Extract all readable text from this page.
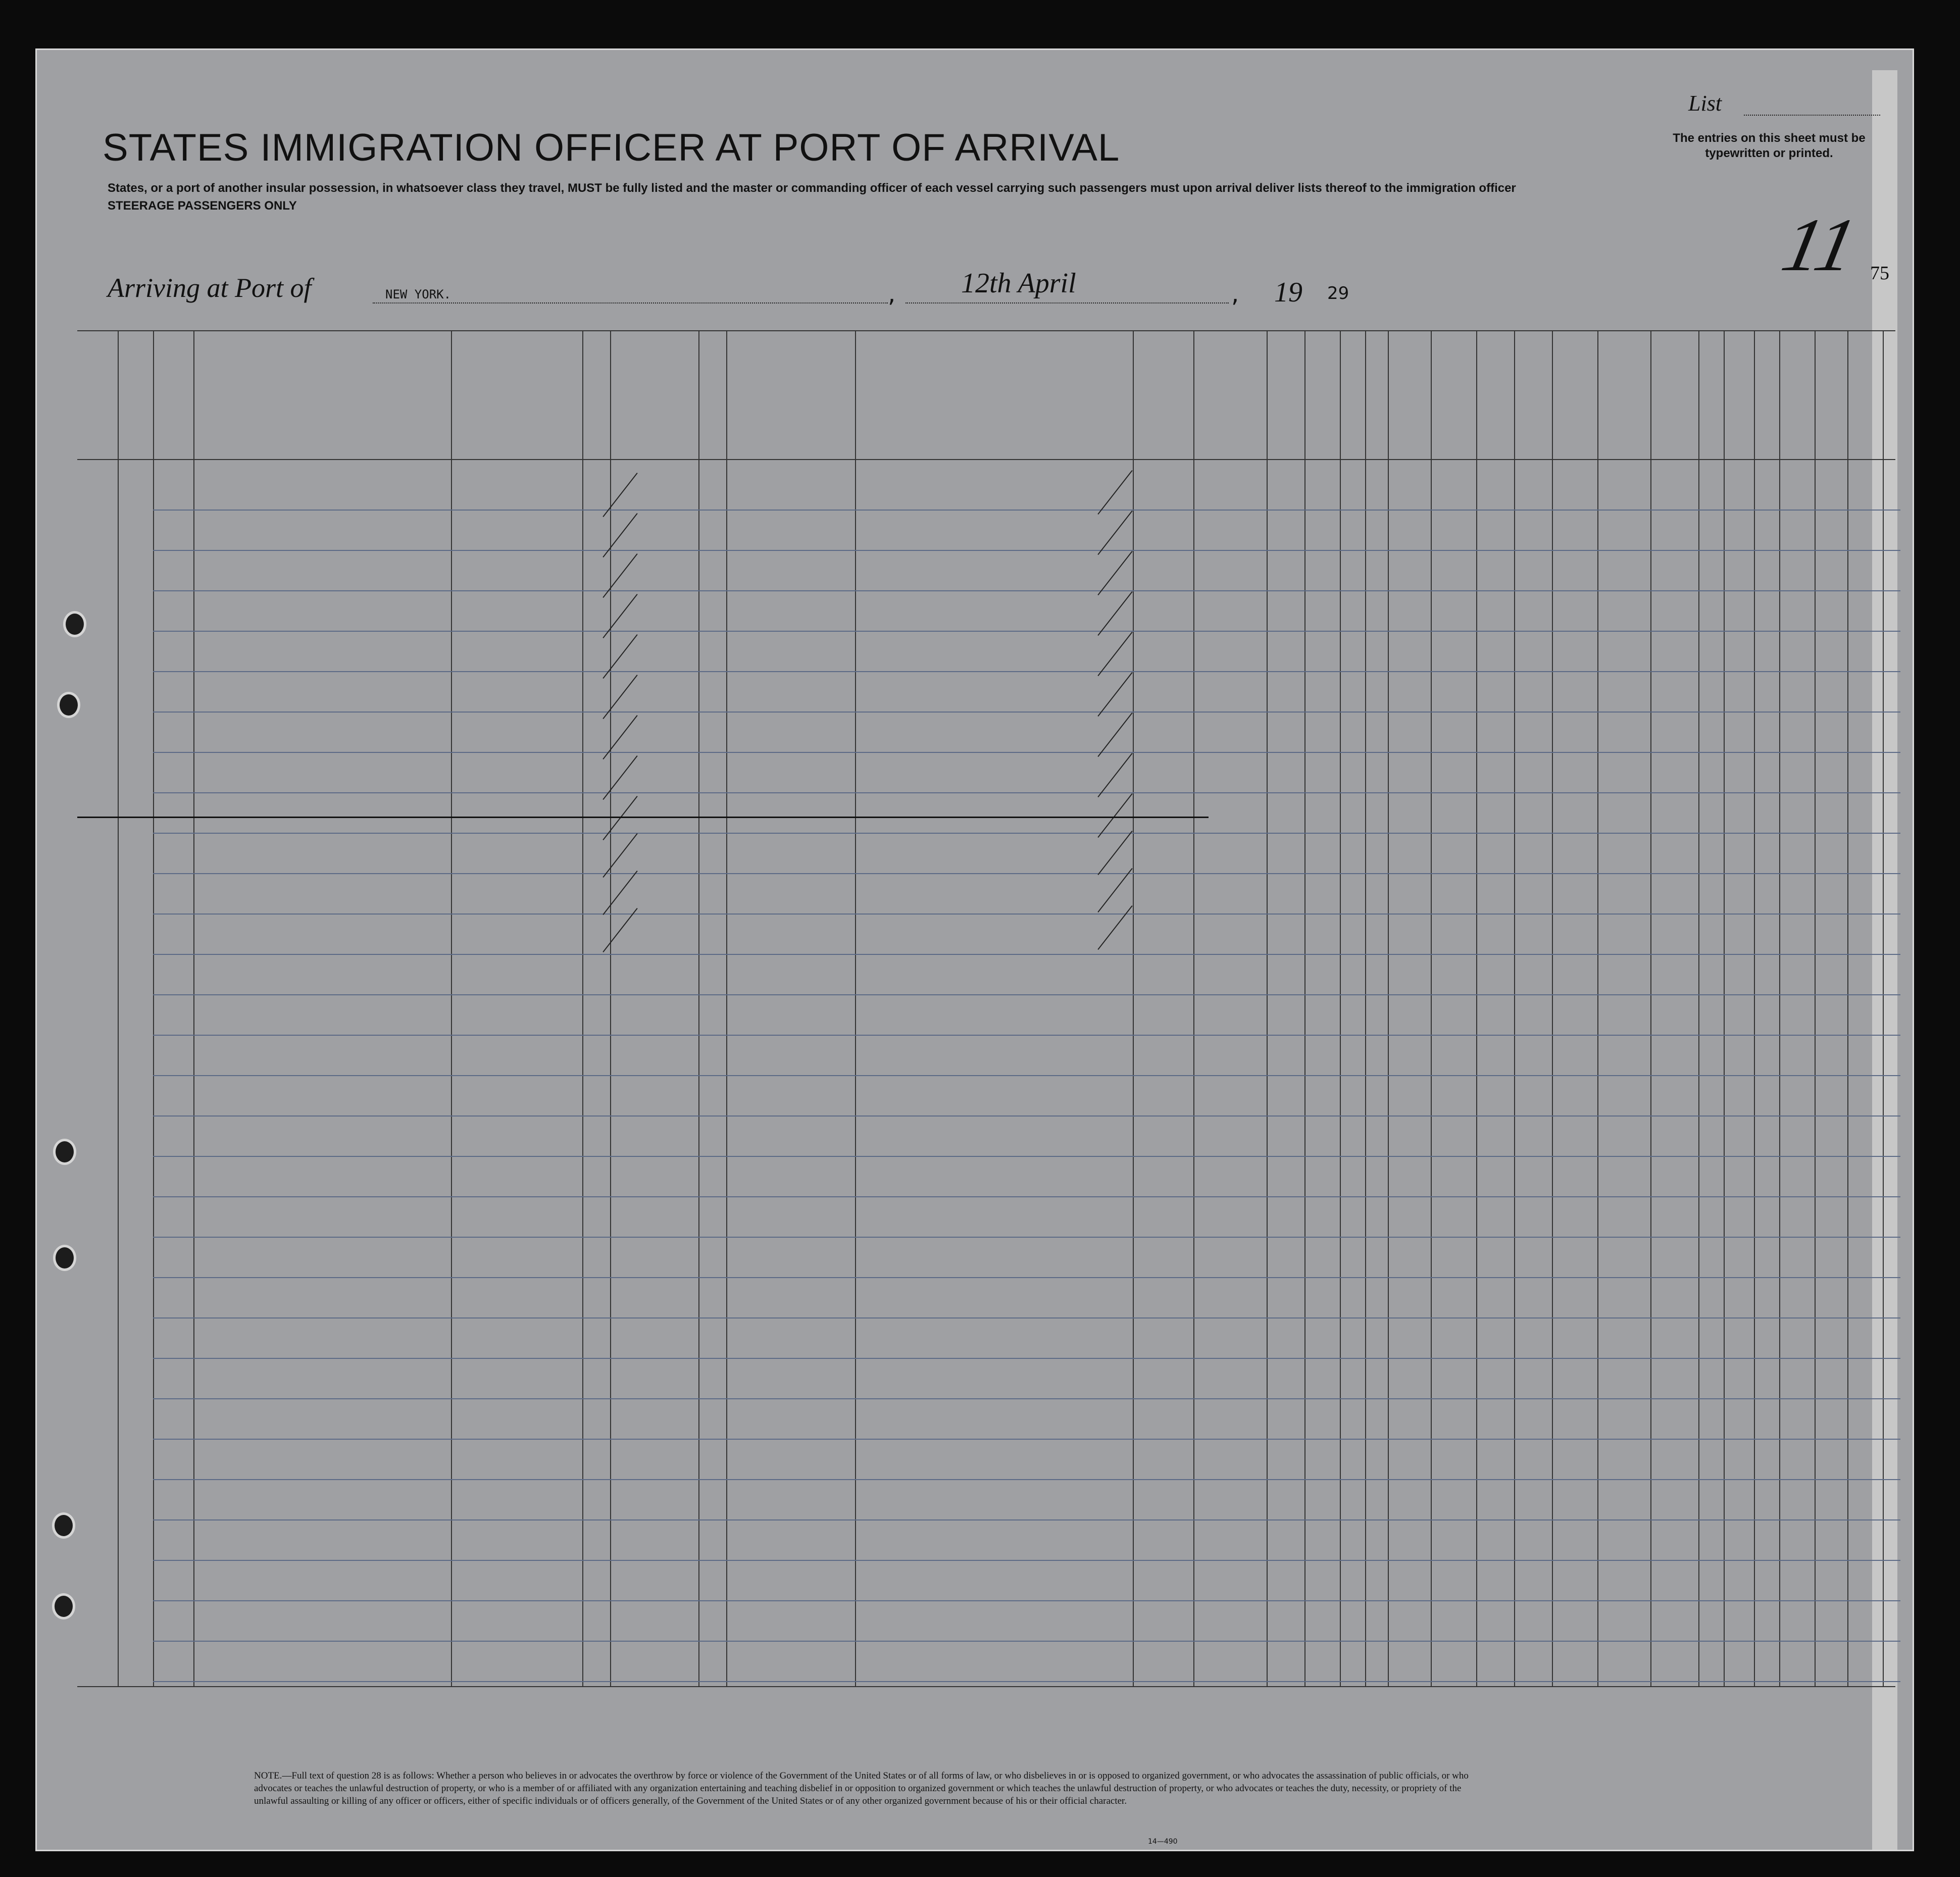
STATES IMMIGRATION OFFICER AT PORT OF ARRIVAL
States, or a port of another insular possession, in whatsoever class they travel, MUST be fully listed and the master or commanding officer of each vessel carrying such passengers must upon arrival deliver lists thereof to the immigration officer
STEERAGE PASSENGERS ONLY
List
The entries on this sheet must be typewritten or printed.
11 75
Arriving at Port of	NEW YORK.	, 12th April	, 19 29
NOTE.—Full text of question 28 is as follows: Whether a person who believes in or advocates the overthrow by force or violence of the Government of the United States or of all forms of law, or who disbelieves in or is opposed to organized government, or who advocates the assassination of public officials, or who advocates or teaches the unlawful destruction of property, or who is a member of or affiliated with any organization entertaining and teaching disbelief in or opposition to organized government or which teaches the unlawful destruction of property, or who advocates or teaches the duty, necessity, or propriety of the unlawful assaulting or killing of any officer or officers, either of specific individuals or of officers generally, of the Government of the United States or of any other organized government because of his or their official character.
14—490
